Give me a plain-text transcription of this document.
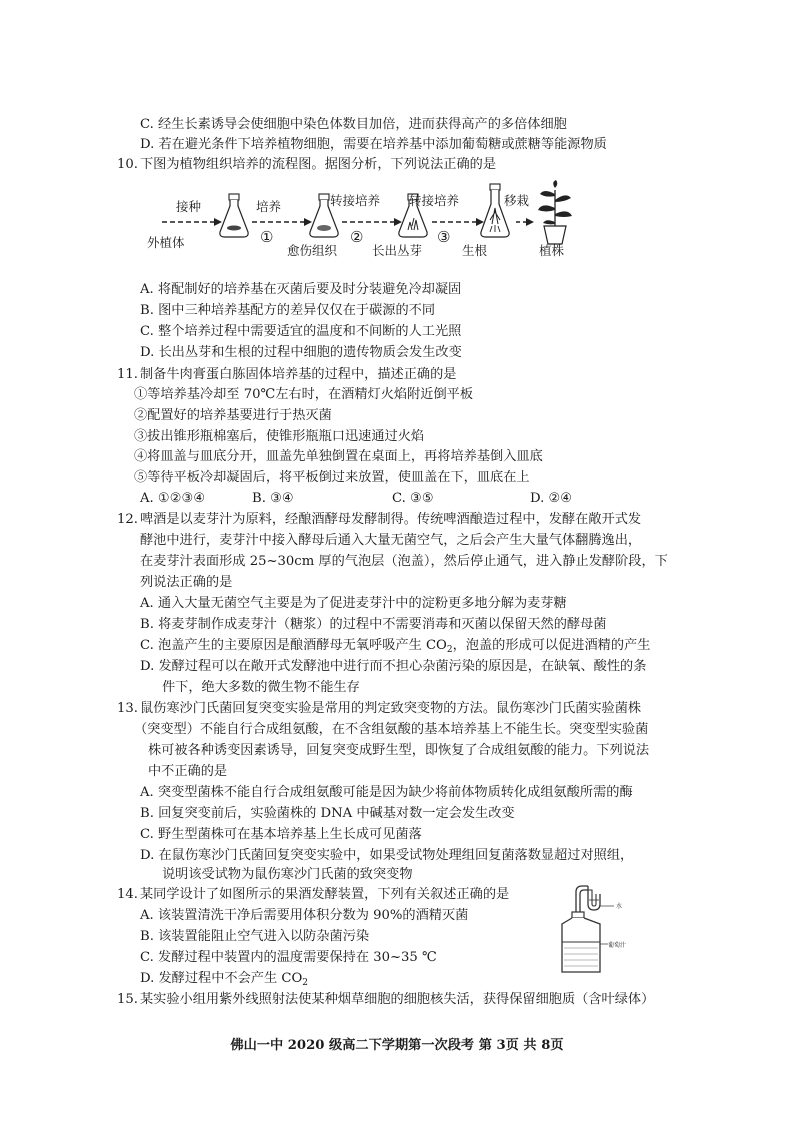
C. 经生长素诱导会使细胞中染色体数目加倍，进而获得高产的多倍体细胞
D. 若在避光条件下培养植物细胞，需要在培养基中添加葡萄糖或蔗糖等能源物质
10. 下图为植物组织培养的流程图。据图分析，下列说法正确的是
接种	培养	转接培养 转接培养	移栽
外植体	①
愈伤组织
②
长出丛芽
③
生根	植株
A. 将配制好的培养基在灭菌后要及时分装避免冷却凝固
B. 图中三种培养基配方的差异仅仅在于碳源的不同
C. 整个培养过程中需要适宜的温度和不间断的人工光照
D. 长出丛芽和生根的过程中细胞的遗传物质会发生改变
11. 制备牛肉膏蛋白胨固体培养基的过程中，描述正确的是
①等培养基冷却至 70℃左右时，在酒精灯火焰附近倒平板
②配置好的培养基要进行于热灭菌
③拔出锥形瓶棉塞后，使锥形瓶瓶口迅速通过火焰
④将皿盖与皿底分开，皿盖先单独倒置在桌面上，再将培养基倒入皿底
⑤等待平板冷却凝固后，将平板倒过来放置，使皿盖在下，皿底在上
A. ①②③④	B. ③④	C. ③⑤	D. ②④
12. 啤酒是以麦芽汁为原料，经酿酒酵母发酵制得。传统啤酒酿造过程中，发酵在敞开式发
酵池中进行，麦芽汁中接入酵母后通入大量无菌空气，之后会产生大量气体翻腾逸出，
在麦芽汁表面形成 25~30cm 厚的气泡层（泡盖），然后停止通气，进入静止发酵阶段，下
列说法正确的是
A. 通入大量无菌空气主要是为了促进麦芽汁中的淀粉更多地分解为麦芽糖
B. 将麦芽制作成麦芽汁（糖浆）的过程中不需要消毒和灭菌以保留天然的酵母菌
C. 泡盖产生的主要原因是酿酒酵母无氧呼吸产生 $CO_2$，泡盖的形成可以促进酒精的产生
D. 发酵过程可以在敞开式发酵池中进行而不担心杂菌污染的原因是，在缺氧、酸性的条
件下，绝大多数的微生物不能生存
13. 鼠伤寒沙门氏菌回复突变实验是常用的判定致突变物的方法。鼠伤寒沙门氏菌实验菌株
（突变型）不能自行合成组氨酸，在不含组氨酸的基本培养基上不能生长。突变型实验菌
株可被各种诱变因素诱导，回复突变成野生型，即恢复了合成组氨酸的能力。下列说法
中不正确的是
A. 突变型菌株不能自行合成组氨酸可能是因为缺少将前体物质转化成组氨酸所需的酶
B. 回复突变前后，实验菌株的 DNA 中碱基对数一定会发生改变
C. 野生型菌株可在基本培养基上生长成可见菌落
D. 在鼠伤寒沙门氏菌回复突变实验中，如果受试物处理组回复菌落数显超过对照组，
说明该受试物为鼠伤寒沙门氏菌的致突变物
14. 某同学设计了如图所示的果酒发酵装置，下列有关叙述正确的是
A. 该装置清洗干净后需要用体积分数为 90%的酒精灭菌
B. 该装置能阻止空气进入以防杂菌污染
C. 发酵过程中装置内的温度需要保持在 30~35 ℃
D. 发酵过程中不会产生 $CO_2$
水
葡萄汁
15. 某实验小组用紫外线照射法使某种烟草细胞的细胞核失活，获得保留细胞质（含叶绿体）
佛山一中 2020 级高二下学期第一次段考 第 3页 共 8页
